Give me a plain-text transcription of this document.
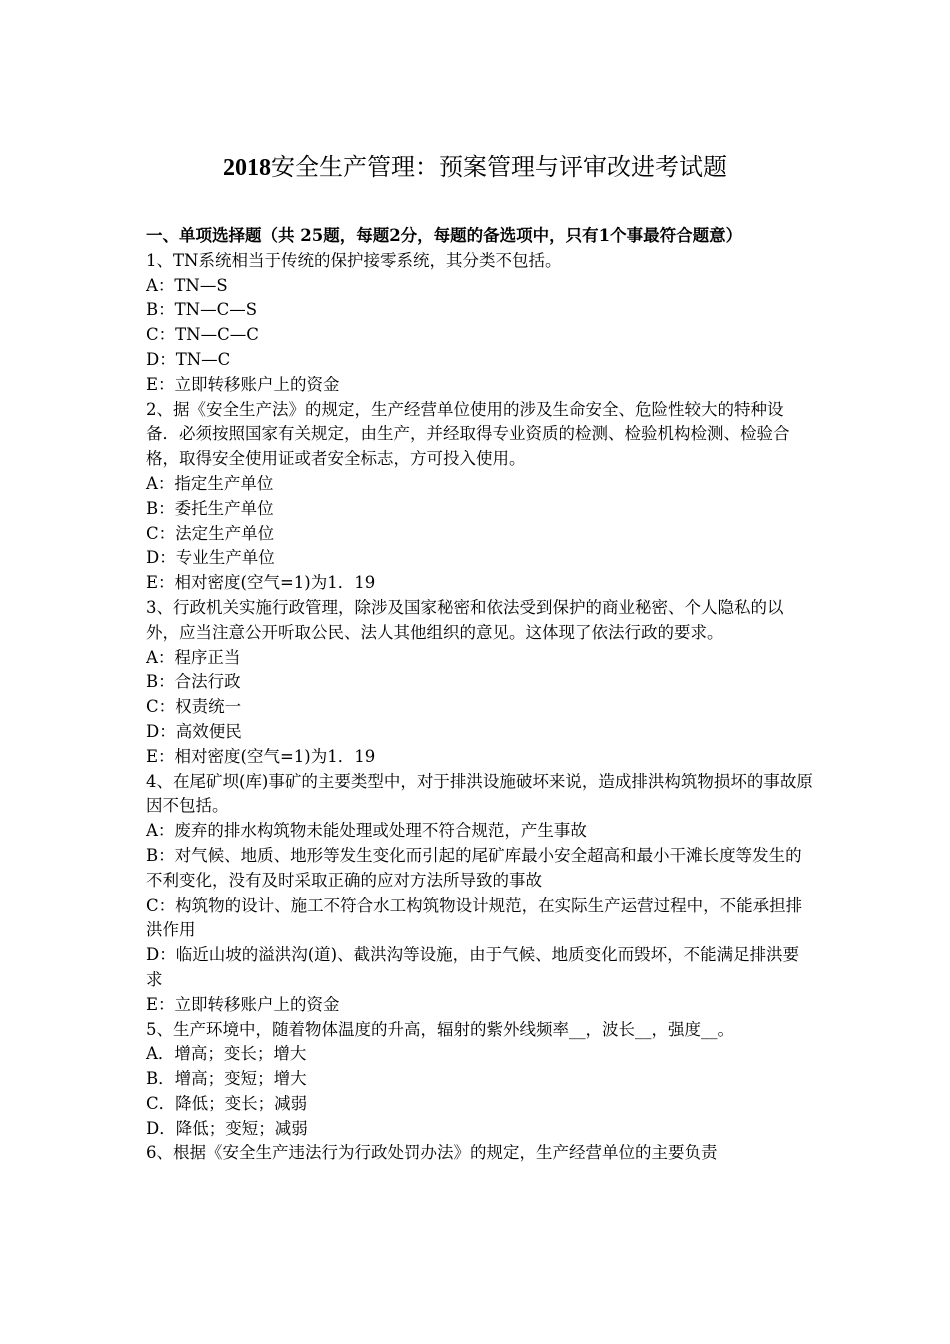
2018安全生产管理：预案管理与评审改进考试题

一、单项选择题（共 25题，每题2分，每题的备选项中，只有1个事最符合题意）

1、TN系统相当于传统的保护接零系统，其分类不包括。

A：TN—S

B：TN—C—S

C：TN—C—C

D：TN—C

E：立即转移账户上的资金

2、据《安全生产法》的规定，生产经营单位使用的涉及生命安全、危险性较大的特种设备．必须按照国家有关规定，由生产，并经取得专业资质的检测、检验机构检测、检验合格，取得安全使用证或者安全标志，方可投入使用。

A：指定生产单位

B：委托生产单位

C：法定生产单位

D：专业生产单位

E：相对密度(空气=1)为1．19

3、行政机关实施行政管理，除涉及国家秘密和依法受到保护的商业秘密、个人隐私的以外，应当注意公开听取公民、法人其他组织的意见。这体现了依法行政的要求。

A：程序正当

B：合法行政

C：权责统一

D：高效便民

E：相对密度(空气=1)为1．19

4、在尾矿坝(库)事矿的主要类型中，对于排洪设施破坏来说，造成排洪构筑物损坏的事故原因不包括。

A：废弃的排水构筑物未能处理或处理不符合规范，产生事故

B：对气候、地质、地形等发生变化而引起的尾矿库最小安全超高和最小干滩长度等发生的不利变化，没有及时采取正确的应对方法所导致的事故

C：构筑物的设计、施工不符合水工构筑物设计规范，在实际生产运营过程中，不能承担排洪作用

D：临近山坡的溢洪沟(道)、截洪沟等设施，由于气候、地质变化而毁坏，不能满足排洪要求

E：立即转移账户上的资金

5、生产环境中，随着物体温度的升高，辐射的紫外线频率__，波长__，强度__。

A．增高；变长；增大

B．增高；变短；增大

C．降低；变长；减弱

D．降低；变短；减弱

6、根据《安全生产违法行为行政处罚办法》的规定，生产经营单位的主要负责
